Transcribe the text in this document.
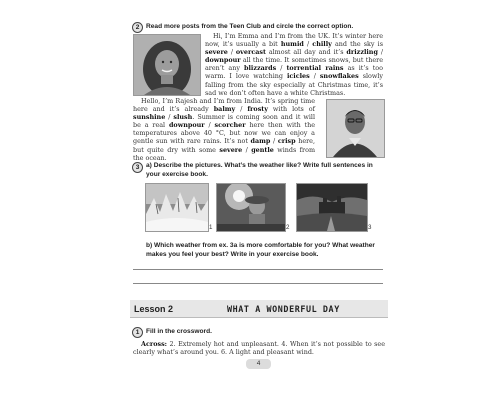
2	Read more posts from the Teen Club and circle the correct option.

Hi, I’m Emma and I’m from the UK. It’s winter here now, it’s usually a bit humid / chilly and the sky is severe / overcast almost all day and it’s drizzling / downpour all the time. It sometimes snows, but there aren’t any blizzards / torrential rains as it’s too warm. I love watching icicles / snowflakes slowly falling from the sky especially at Christmas time, it’s sad we don’t often have a white Christmas.

Hello, I’m Rajesh and I’m from India. It’s spring time here and it’s already balmy / frosty with lots of sunshine / slush. Summer is coming soon and it will be a real downpour / scorcher here then with the temperatures above 40 °C, but now we can enjoy a gentle sun with rare rains. It’s not damp / crisp here, but quite dry with some severe / gentle winds from the ocean.

3	a) Describe the pictures. What’s the weather like? Write full sentences in your exercise book.
1	2	3
b) Which weather from ex. 3a is more comfortable for you? What weather makes you feel your best? Write in your exercise book.
Lesson 2	WHAT A WONDERFUL DAY
1	Fill in the crossword.

Across: 2. Extremely hot and unpleasant. 4. When it’s not possible to see clearly what’s around you. 6. A light and pleasant wind.

4
